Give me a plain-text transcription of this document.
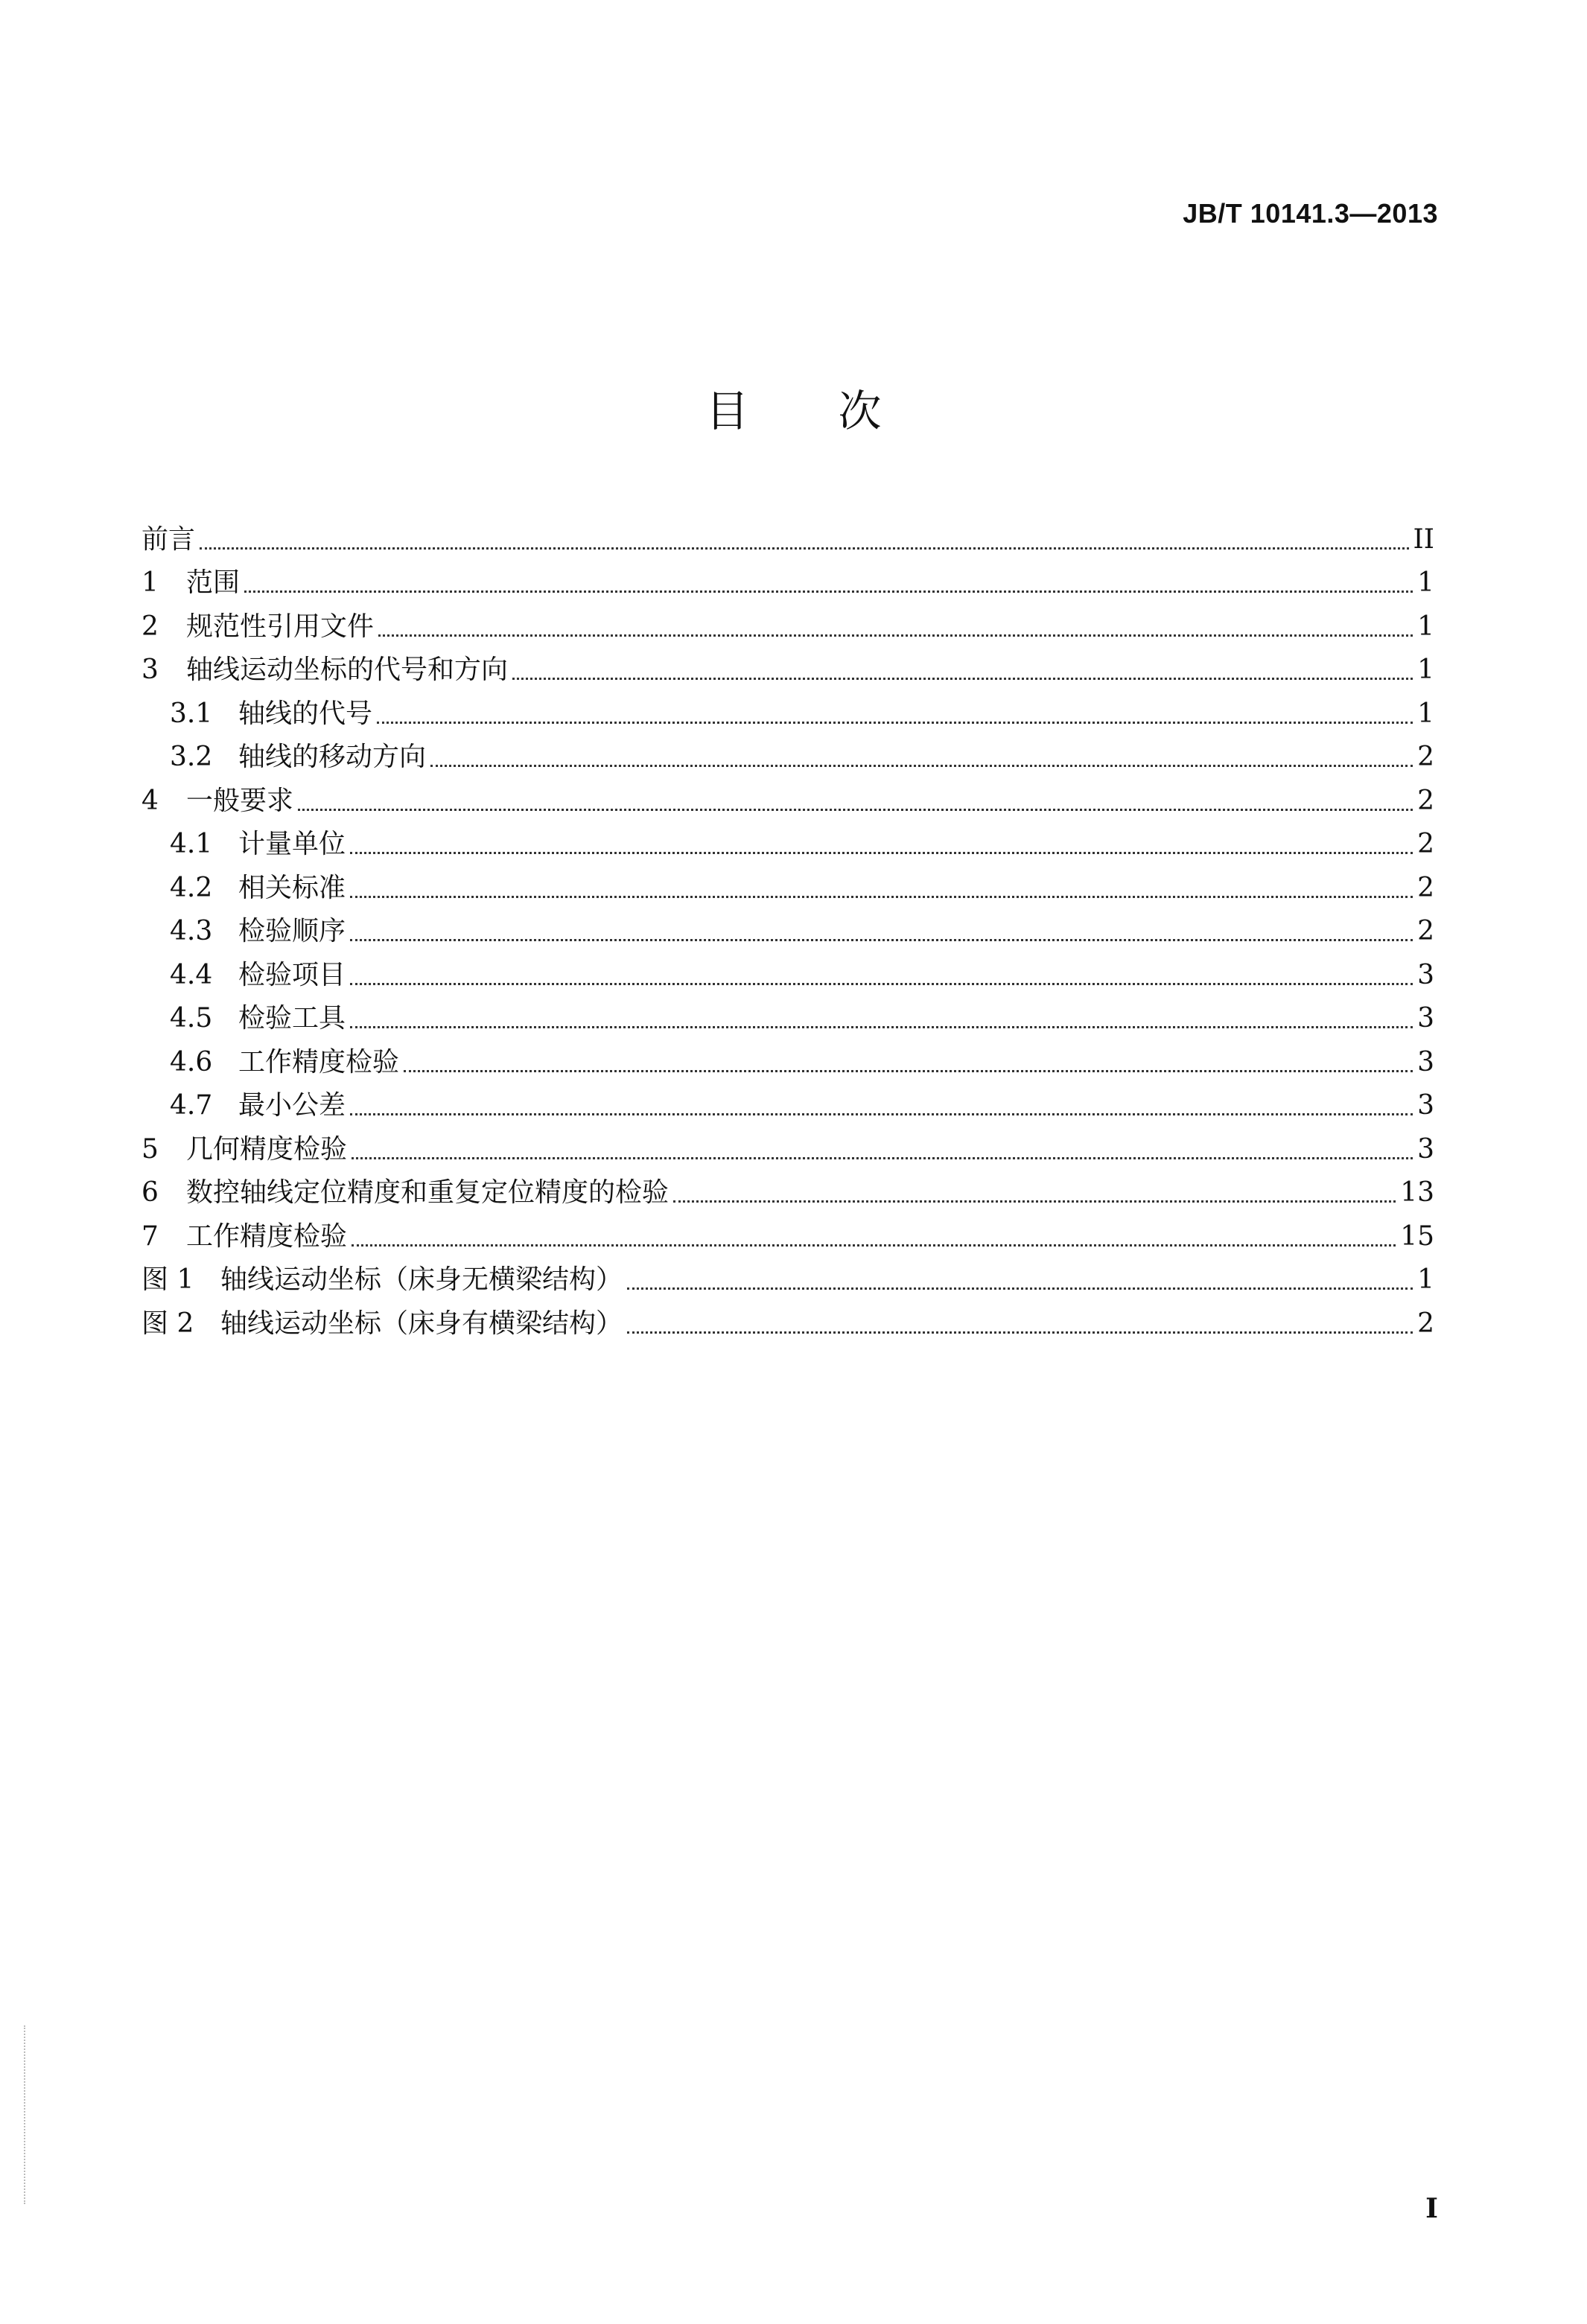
JB/T 10141.3—2013
目次
前言	II
1	范围	1
2	规范性引用文件	1
3	轴线运动坐标的代号和方向	1
3.1 轴线的代号	1
3.2 轴线的移动方向	2
4	一般要求	2
4.1 计量单位	2
4.2 相关标准	2
4.3 检验顺序	2
4.4 检验项目	3
4.5 检验工具	3
4.6 工作精度检验	3
4.7 最小公差	3
5	几何精度检验	3
6	数控轴线定位精度和重复定位精度的检验	13
7	工作精度检验	15
图 1 轴线运动坐标（床身无横梁结构）	1
图 2 轴线运动坐标（床身有横梁结构）	2
I
